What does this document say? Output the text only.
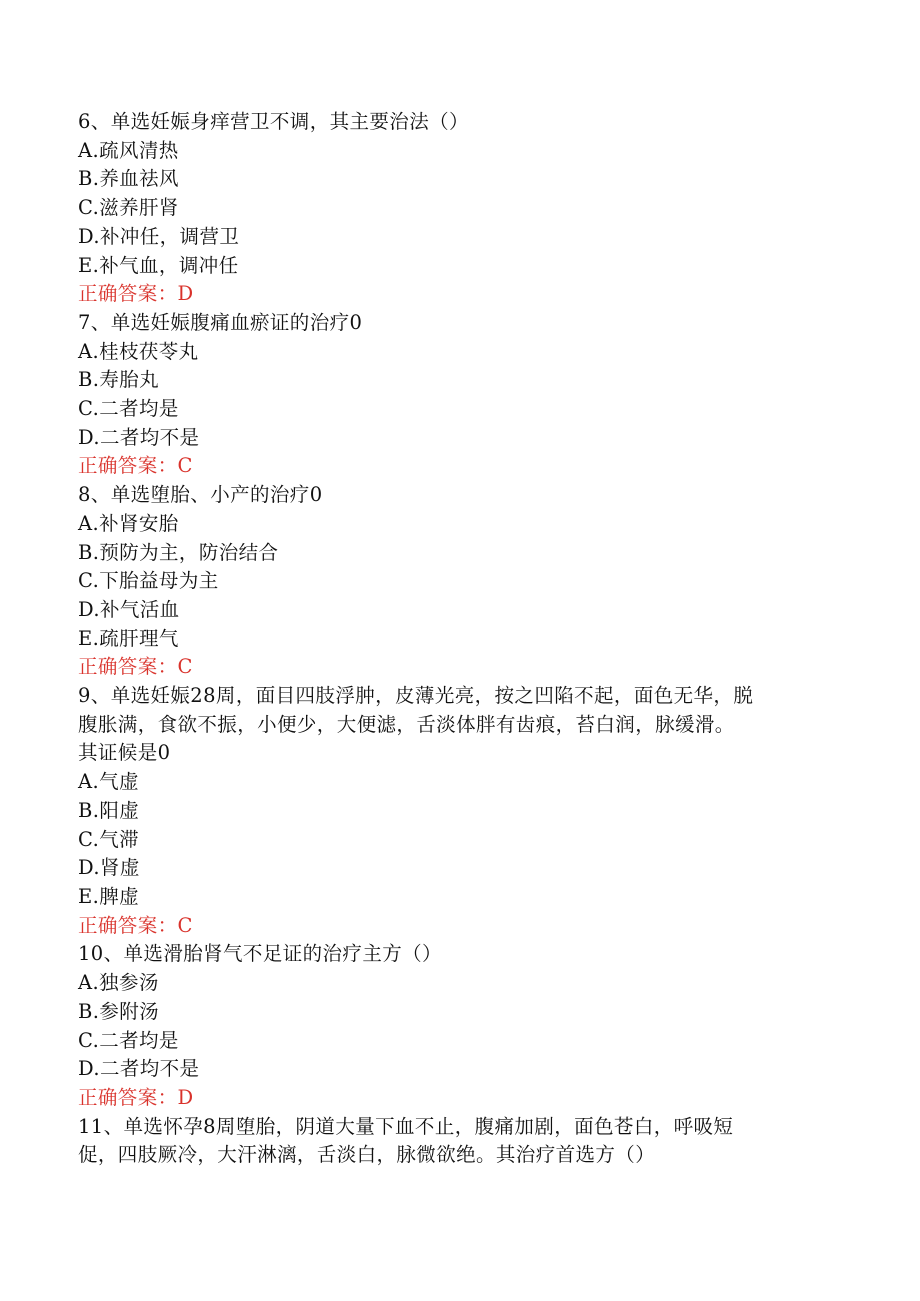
6、单选妊娠身痒营卫不调，其主要治法（）
A.疏风清热
B.养血祛风
C.滋养肝肾
D.补冲任，调营卫
E.补气血，调冲任
正确答案：D
7、单选妊娠腹痛血瘀证的治疗0
A.桂枝茯苓丸
B.寿胎丸
C.二者均是
D.二者均不是
正确答案：C
8、单选堕胎、小产的治疗0
A.补肾安胎
B.预防为主，防治结合
C.下胎益母为主
D.补气活血
E.疏肝理气
正确答案：C
9、单选妊娠28周，面目四肢浮肿，皮薄光亮，按之凹陷不起，面色无华，脱
腹胀满，食欲不振，小便少，大便滤，舌淡体胖有齿痕，苔白润，脉缓滑。
其证候是0
A.气虚
B.阳虚
C.气滞
D.肾虚
E.脾虚
正确答案：C
10、单选滑胎肾气不足证的治疗主方（）
A.独参汤
B.参附汤
C.二者均是
D.二者均不是
正确答案：D
11、单选怀孕8周堕胎，阴道大量下血不止，腹痛加剧，面色苍白，呼吸短
促，四肢厥冷，大汗淋漓，舌淡白，脉微欲绝。其治疗首选方（）
